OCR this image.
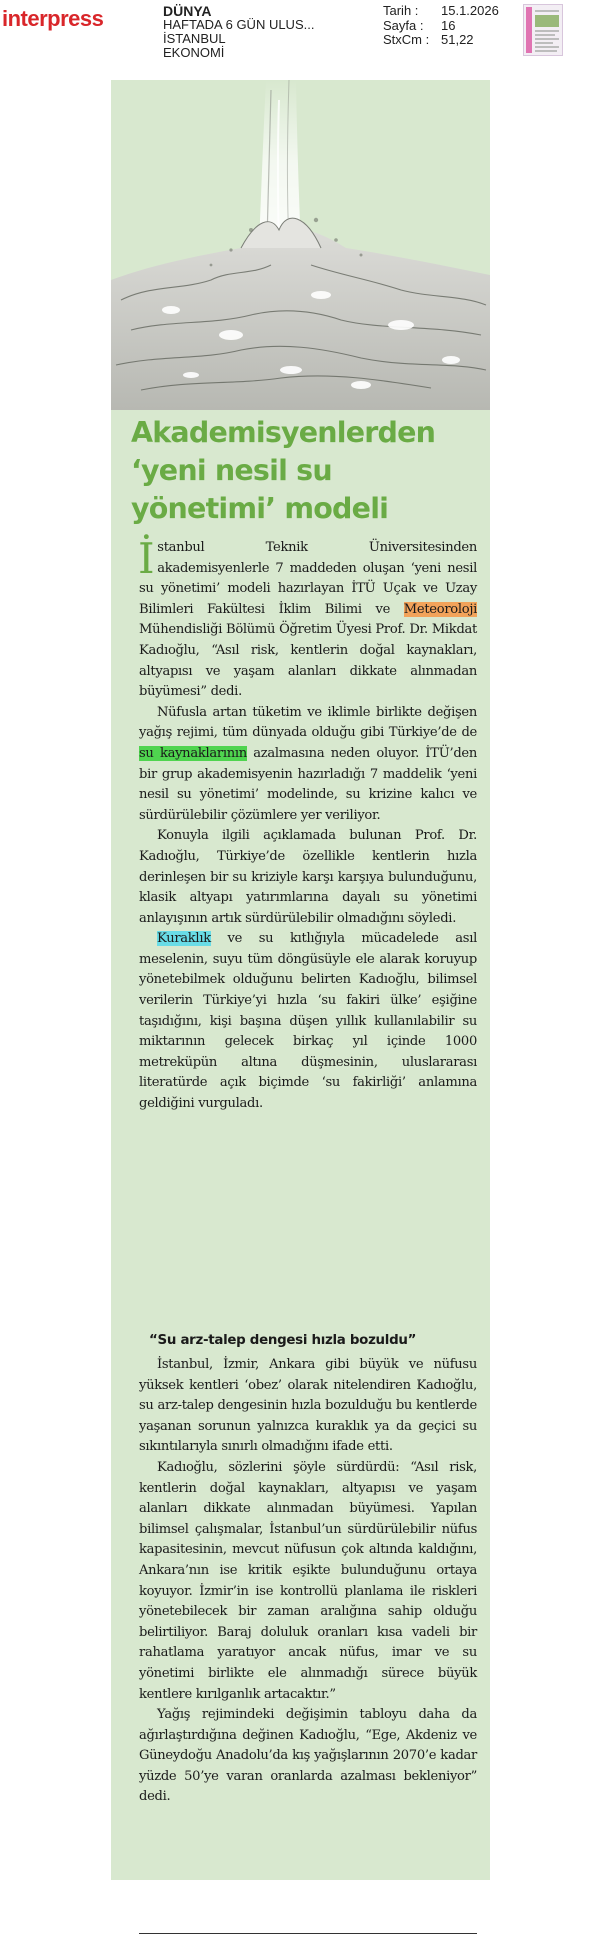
interpress	DÜNYA
HAFTADA 6 GÜN ULUS...
İSTANBUL
EKONOMİ
Tarih :	15.1.2026
Sayfa :	16
StxCm : 51,22
Akademisyenlerden
‘yeni nesil su
yönetimi’ modeli

İstanbul Teknik Üniversitesinden akademisyenlerle 7 maddeden oluşan ‘yeni nesil su yönetimi’ modeli hazırlayan İTÜ Uçak ve Uzay Bilimleri Fakültesi İklim Bilimi ve Meteoroloji Mühendisliği Bölümü Öğretim Üyesi Prof. Dr. Mikdat Kadıoğlu, “Asıl risk, kentlerin doğal kaynakları, altyapısı ve yaşam alanları dikkate alınmadan büyümesi” dedi.

Nüfusla artan tüketim ve iklimle birlikte değişen yağış rejimi, tüm dünyada olduğu gibi Türkiye’de de su kaynaklarının azalmasına neden oluyor. İTÜ’den bir grup akademisyenin hazırladığı 7 maddelik ‘yeni nesil su yönetimi’ modelinde, su krizine kalıcı ve sürdürülebilir çözümlere yer veriliyor.

Konuyla ilgili açıklamada bulunan Prof. Dr. Kadıoğlu, Türkiye’de özellikle kentlerin hızla derinleşen bir su kriziyle karşı karşıya bulunduğunu, klasik altyapı yatırımlarına dayalı su yönetimi anlayışının artık sürdürülebilir olmadığını söyledi.

Kuraklık ve su kıtlığıyla mücadelede asıl meselenin, suyu tüm döngüsüyle ele alarak koruyup yönetebilmek olduğunu belirten Kadıoğlu, bilimsel verilerin Türkiye’yi hızla ‘su fakiri ülke’ eşiğine taşıdığını, kişi başına düşen yıllık kullanılabilir su miktarının gelecek birkaç yıl içinde 1000 metreküpün altına düşmesinin, uluslararası literatürde açık biçimde ‘su fakirliği’ anlamına geldiğini vurguladı.

“Su arz-talep dengesi hızla bozuldu”

İstanbul, İzmir, Ankara gibi büyük ve nüfusu yüksek kentleri ‘obez’ olarak nitelendiren Kadıoğlu, su arz-talep dengesinin hızla bozulduğu bu kentlerde yaşanan sorunun yalnızca kuraklık ya da geçici su sıkıntılarıyla sınırlı olmadığını ifade etti.

Kadıoğlu, sözlerini şöyle sürdürdü: “Asıl risk, kentlerin doğal kaynakları, altyapısı ve yaşam alanları dikkate alınmadan büyümesi. Yapılan bilimsel çalışmalar, İstanbul’un sürdürülebilir nüfus kapasitesinin, mevcut nüfusun çok altında kaldığını, Ankara’nın ise kritik eşikte bulunduğunu ortaya koyuyor. İzmir’in ise kontrollü planlama ile riskleri yönetebilecek bir zaman aralığına sahip olduğu belirtiliyor. Baraj doluluk oranları kısa vadeli bir rahatlama yaratıyor ancak nüfus, imar ve su yönetimi birlikte ele alınmadığı sürece büyük kentlere kırılganlık artacaktır.”

Yağış rejimindeki değişimin tabloyu daha da ağırlaştırdığına değinen Kadıoğlu, “Ege, Akdeniz ve Güneydoğu Anadolu’da kış yağışlarının 2070’e kadar yüzde 50’ye varan oranlarda azalması bekleniyor” dedi.
